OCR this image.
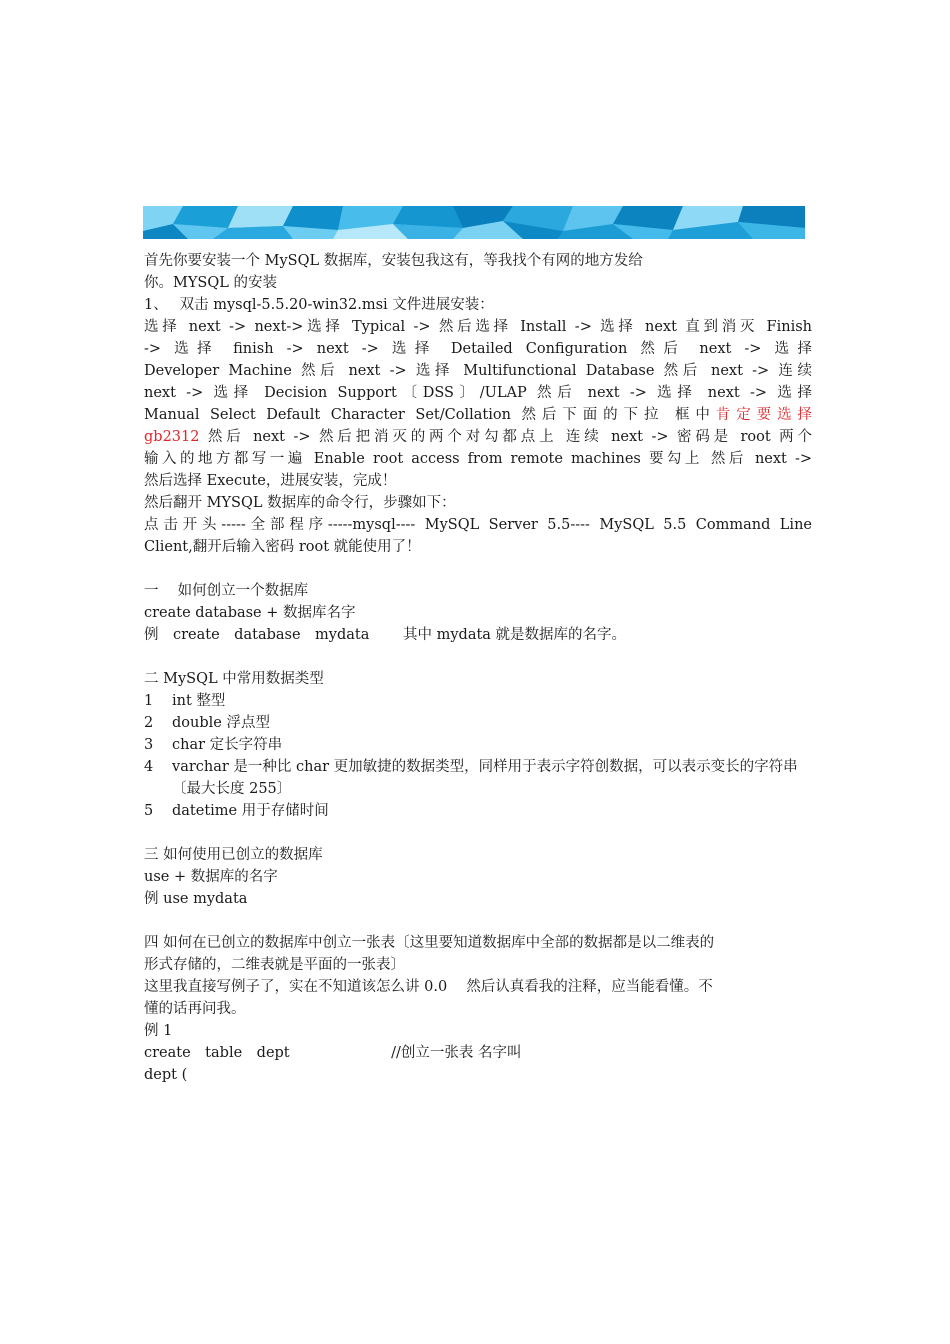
首先你要安装一个 MySQL 数据库，安装包我这有，等我找个有网的地方发给

你。MYSQL 的安装

1、　 双击 mysql-5.5.20-win32.msi 文件进展安装：

选择 next -> next->选择 Typical -> 然后选择 Install -> 选择 next 直到消灭 Finish

-> 选择 finish -> next -> 选择 Detailed Configuration 然后 next -> 选择

Developer Machine 然后 next -> 选择 Multifunctional Database 然后 next -> 连续

next -> 选择 Decision Support〔DSS〕/ULAP 然后 next -> 选择 next -> 选择

Manual Select Default Character Set/Collation 然后下面的下拉 框中肯定要选择

gb2312 然后 next -> 然后把消灭的两个对勾都点上 连续 next -> 密码是 root 两个

输入的地方都写一遍 Enable root access from remote machines 要勾上 然后 next ->

然后选择 Execute，进展安装，完成！

然后翻开 MYSQL 数据库的命令行，步骤如下：

点击开头-----全部程序-----mysql---- MySQL Server 5.5---- MySQL 5.5 Command Line

Client,翻开后输入密码 root 就能使用了！

一　 如何创立一个数据库

create database + 数据库名字

例　create　database　mydata　　 其中 mydata 就是数据库的名字。

二 MySQL 中常用数据类型

1	int 整型
2	double 浮点型
3	char 定长字符串
4	varchar 是一种比 char 更加敏捷的数据类型，同样用于表示字符创数据，可以表示变长的字符串〔最大长度 255〕
5	datetime 用于存储时间

三 如何使用已创立的数据库

use + 数据库的名字

例 use mydata

四 如何在已创立的数据库中创立一张表〔这里要知道数据库中全部的数据都是以二维表的

形式存储的，二维表就是平面的一张表〕

这里我直接写例子了，实在不知道该怎么讲 0.0　 然后认真看我的注释，应当能看懂。不

懂的话再问我。

例 1

create　table　dept　　　　　　　//创立一张表 名字叫

dept (
